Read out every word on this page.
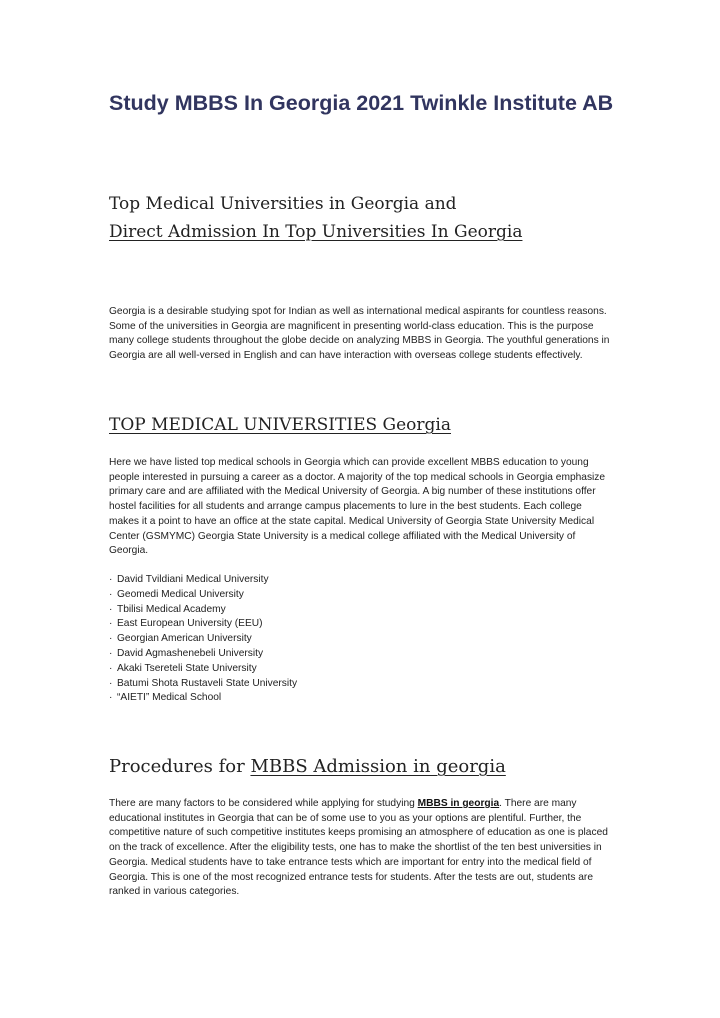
Study MBBS In Georgia 2021 Twinkle Institute AB
Top Medical Universities in Georgia and
Direct Admission In Top Universities In Georgia

Georgia is a desirable studying spot for Indian as well as international medical aspirants for countless reasons. Some of the universities in Georgia are magnificent in presenting world-class education. This is the purpose many college students throughout the globe decide on analyzing MBBS in Georgia. The youthful generations in Georgia are all well-versed in English and can have interaction with overseas college students effectively.

TOP MEDICAL UNIVERSITIES Georgia

Here we have listed top medical schools in Georgia which can provide excellent MBBS education to young people interested in pursuing a career as a doctor. A majority of the top medical schools in Georgia emphasize primary care and are affiliated with the Medical University of Georgia. A big number of these institutions offer hostel facilities for all students and arrange campus placements to lure in the best students. Each college makes it a point to have an office at the state capital. Medical University of Georgia State University Medical Center (GSMYMC) Georgia State University is a medical college affiliated with the Medical University of Georgia.

· David Tvildiani Medical University
· Geomedi Medical University
· Tbilisi Medical Academy
· East European University (EEU)
· Georgian American University
· David Agmashenebeli University
· Akaki Tsereteli State University
· Batumi Shota Rustaveli State University
· “AIETI” Medical School
Procedures for MBBS Admission in georgia

There are many factors to be considered while applying for studying MBBS in georgia. There are many educational institutes in Georgia that can be of some use to you as your options are plentiful. Further, the competitive nature of such competitive institutes keeps promising an atmosphere of education as one is placed on the track of excellence. After the eligibility tests, one has to make the shortlist of the ten best universities in Georgia. Medical students have to take entrance tests which are important for entry into the medical field of Georgia. This is one of the most recognized entrance tests for students. After the tests are out, students are ranked in various categories.
